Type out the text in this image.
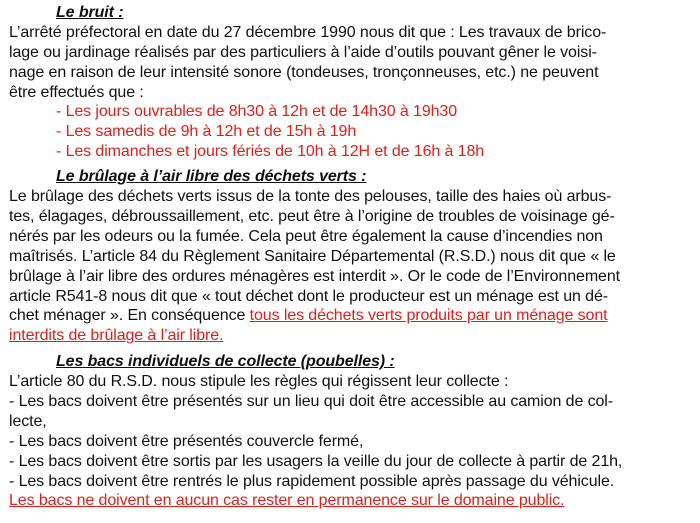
Le bruit :
L’arrêté préfectoral en date du 27 décembre 1990 nous dit que : Les travaux de brico-
lage ou jardinage réalisés par des particuliers à l’aide d’outils pouvant gêner le voisi-
nage en raison de leur intensité sonore (tondeuses, tronçonneuses, etc.) ne peuvent
être effectués que :
- Les jours ouvrables de 8h30 à 12h et de 14h30 à 19h30
- Les samedis de 9h à 12h et de 15h à 19h
- Les dimanches et jours fériés de 10h à 12H et de 16h à 18h
Le brûlage à l’air libre des déchets verts :
Le brûlage des déchets verts issus de la tonte des pelouses, taille des haies où arbus-
tes, élagages, débroussaillement, etc. peut être à l’origine de troubles de voisinage gé-
nérés par les odeurs ou la fumée. Cela peut être également la cause d’incendies non
maîtrisés. L’article 84 du Règlement Sanitaire Départemental (R.S.D.) nous dit que « le
brûlage à l’air libre des ordures ménagères est interdit ». Or le code de l’Environnement
article R541-8 nous dit que « tout déchet dont le producteur est un ménage est un dé-
chet ménager ». En conséquence tous les déchets verts produits par un ménage sont
interdits de brûlage à l’air libre.
Les bacs individuels de collecte (poubelles) :
L’article 80 du R.S.D. nous stipule les règles qui régissent leur collecte :
- Les bacs doivent être présentés sur un lieu qui doit être accessible au camion de col-
lecte,
- Les bacs doivent être présentés couvercle fermé,
- Les bacs doivent être sortis par les usagers la veille du jour de collecte à partir de 21h,
- Les bacs doivent être rentrés le plus rapidement possible après passage du véhicule.
Les bacs ne doivent en aucun cas rester en permanence sur le domaine public.
